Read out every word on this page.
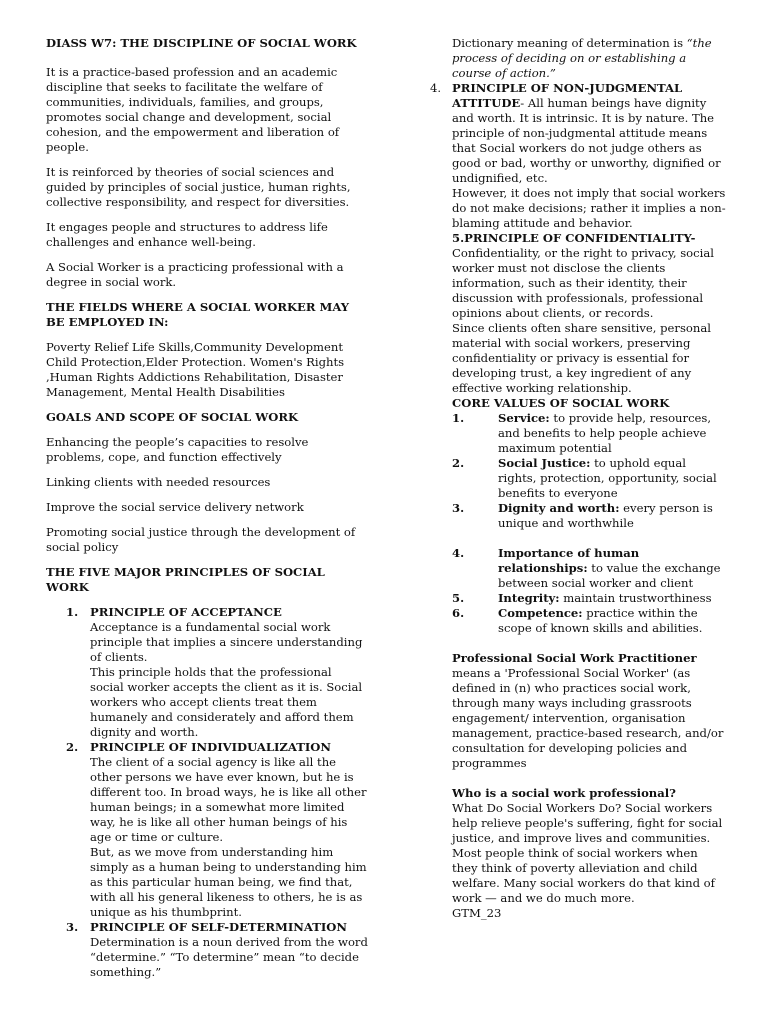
DIASS W7: THE DISCIPLINE OF SOCIAL WORK

It is a practice-based profession and an academic discipline that seeks to facilitate the welfare of communities, individuals, families, and groups, promotes social change and development, social cohesion, and the empowerment and liberation of people.

It is reinforced by theories of social sciences and guided by principles of social justice, human rights, collective responsibility, and respect for diversities.

It engages people and structures to address life challenges and enhance well-being.

A Social Worker is a practicing professional with a degree in social work.

THE FIELDS WHERE A SOCIAL WORKER MAY BE EMPLOYED IN:

Poverty Relief Life Skills,Community Development Child Protection,Elder Protection. Women's Rights ,Human Rights Addictions Rehabilitation, Disaster Management, Mental Health Disabilities

GOALS AND SCOPE OF SOCIAL WORK

Enhancing the people’s capacities to resolve problems, cope, and function effectively

Linking clients with needed resources

Improve the social service delivery network

Promoting social justice through the development of social policy

THE FIVE MAJOR PRINCIPLES OF SOCIAL WORK

1. PRINCIPLE OF ACCEPTANCE

Acceptance is a fundamental social work principle that implies a sincere understanding of clients.

This principle holds that the professional social worker accepts the client as it is. Social workers who accept clients treat them humanely and considerately and afford them dignity and worth.

2. PRINCIPLE OF INDIVIDUALIZATION

The client of a social agency is like all the other persons we have ever known, but he is different too. In broad ways, he is like all other human beings; in a somewhat more limited way, he is like all other human beings of his age or time or culture.

But, as we move from understanding him simply as a human being to understanding him as this particular human being, we find that, with all his general likeness to others, he is as unique as his thumbprint.

3. PRINCIPLE OF SELF-DETERMINATION

Determination is a noun derived from the word “determine.” “To determine” mean “to decide something.”

Dictionary meaning of determination is “the process of deciding on or establishing a course of action.”

4. PRINCIPLE OF NON-JUDGMENTAL ATTITUDE- All human beings have dignity and worth. It is intrinsic. It is by nature. The principle of non-judgmental attitude means that Social workers do not judge others as good or bad, worthy or unworthy, dignified or undignified, etc.

However, it does not imply that social workers do not make decisions; rather it implies a non-blaming attitude and behavior.

5.PRINCIPLE OF CONFIDENTIALITY-

Confidentiality, or the right to privacy, social worker must not disclose the clients information, such as their identity, their discussion with professionals, professional opinions about clients, or records.

Since clients often share sensitive, personal material with social workers, preserving confidentiality or privacy is essential for developing trust, a key ingredient of any effective working relationship.

CORE VALUES OF SOCIAL WORK

1.	Service: to provide help, resources, and benefits to help people achieve maximum potential
2.	Social Justice: to uphold equal rights, protection, opportunity, social benefits to everyone
3.	Dignity and worth: every person is unique and worthwhile
4.	Importance of human relationships: to value the exchange between social worker and client
5.	Integrity: maintain trustworthiness
6.	Competence: practice within the scope of known skills and abilities.

Professional Social Work Practitioner

means a 'Professional Social Worker' (as defined in (n) who practices social work, through many ways including grassroots engagement/ intervention, organisation management, practice-based research, and/or consultation for developing policies and programmes

Who is a social work professional?

What Do Social Workers Do? Social workers help relieve people's suffering, fight for social justice, and improve lives and communities. Most people think of social workers when they think of poverty alleviation and child welfare. Many social workers do that kind of work — and we do much more.

GTM_23
